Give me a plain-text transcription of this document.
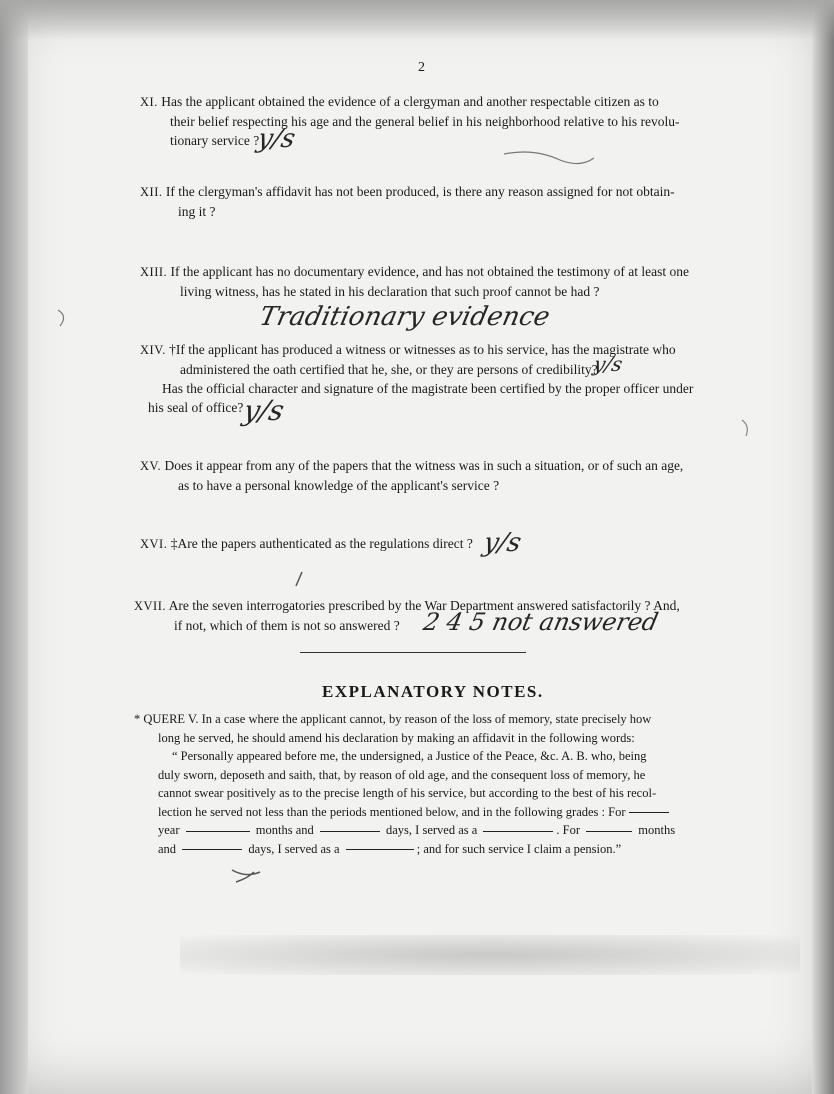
2
XI. Has the applicant obtained the evidence of a clergyman and another respectable citizen as to
their belief respecting his age and the general belief in his neighborhood relative to his revolu-
tionary service ?
y/s
XII. If the clergyman's affidavit has not been produced, is there any reason assigned for not obtain-
ing it ?
XIII. If the applicant has no documentary evidence, and has not obtained the testimony of at least one
living witness, has he stated in his declaration that such proof cannot be had ?
Traditionary evidence
XIV. †If the applicant has produced a witness or witnesses as to his service, has the magistrate who
administered the oath certified that he, she, or they are persons of credibility?
Has the official character and signature of the magistrate been certified by the proper officer under
his seal of office?
y/s
y/s
XV. Does it appear from any of the papers that the witness was in such a situation, or of such an age,
as to have a personal knowledge of the applicant's service ?
XVI. ‡Are the papers authenticated as the regulations direct ? y/s
XVII. Are the seven interrogatories prescribed by the War Department answered satisfactorily ? And,
if not, which of them is not so answered ? 2 4 5 not answered
EXPLANATORY NOTES.
* QUERE V. In a case where the applicant cannot, by reason of the loss of memory, state precisely how
long he served, he should amend his declaration by making an affidavit in the following words:
“ Personally appeared before me, the undersigned, a Justice of the Peace, &c. A. B. who, being
duly sworn, deposeth and saith, that, by reason of old age, and the consequent loss of memory, he
cannot swear positively as to the precise length of his service, but according to the best of his recol-
lection he served not less than the periods mentioned below, and in the following grades : For
year	months and	days, I served as a	. For	months
and	days, I served as a	; and for such service I claim a pension.”
